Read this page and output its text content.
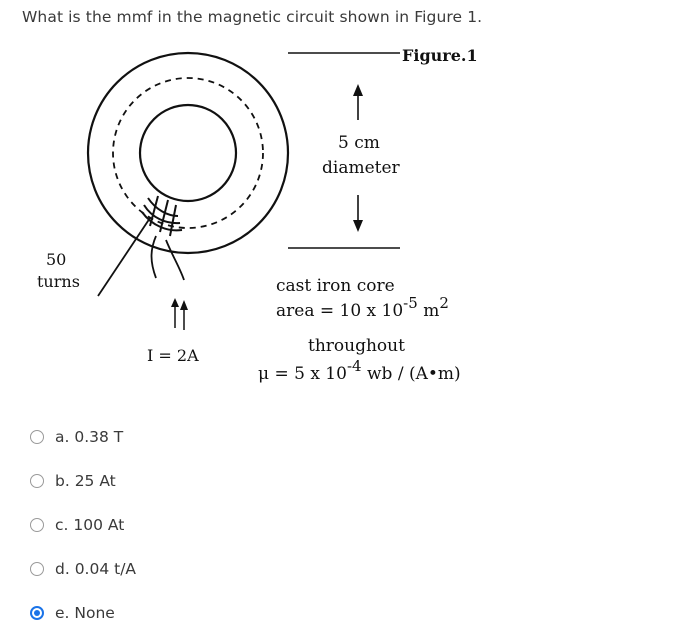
What is the mmf in the magnetic circuit shown in Figure 1.
Figure.1
5 cm
diameter
50
turns	cast iron core
area = 10 x $10^{-5}$ $m^2$
throughout
μ = 5 x $10^{-4}$ wb / (A•m)
I = 2A
a. 0.38 T
b. 25 At
c. 100 At
d. 0.04 t/A
e. None
